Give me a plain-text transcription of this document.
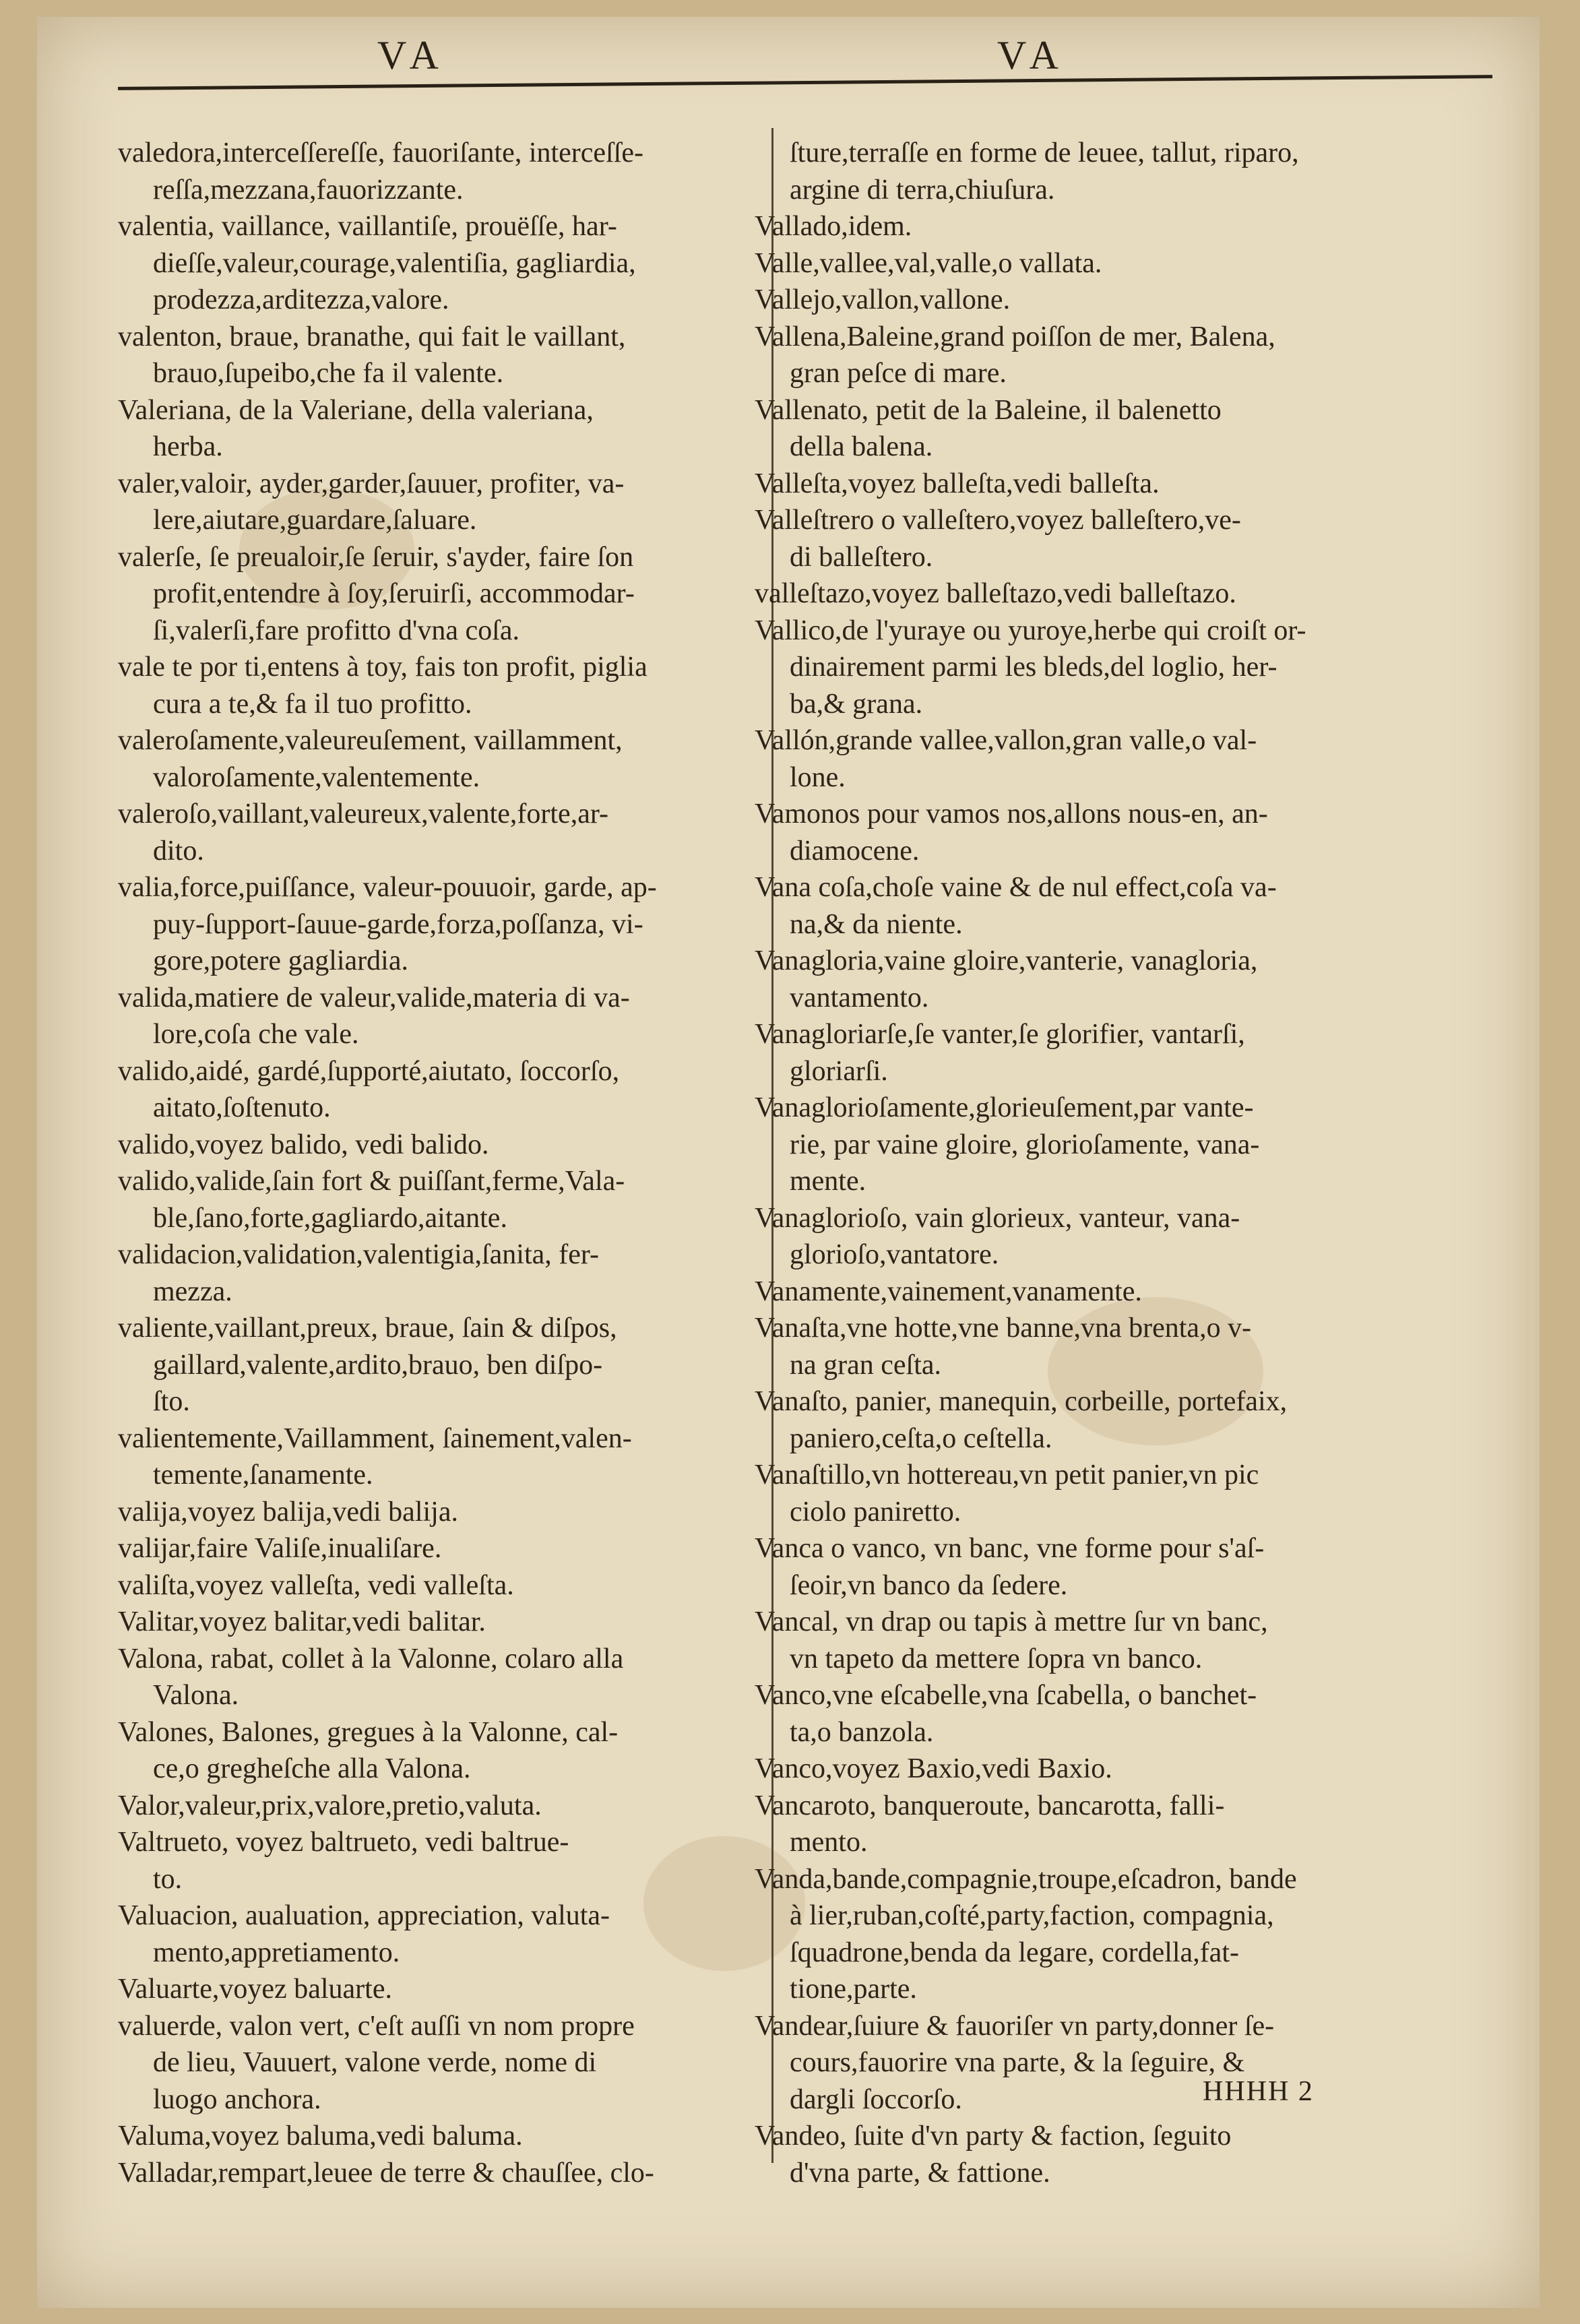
VA	VA
valedora,interceſſereſſe, fauoriſante, interceſſe-
reſſa,mezzana,fauorizzante.
valentia, vaillance, vaillantiſe, prouëſſe, har-
dieſſe,valeur,courage,valentiſia, gagliardia,
prodezza,arditezza,valore.
valenton, braue, branathe, qui fait le vaillant,
brauo,ſupeibo,che fa il valente.
Valeriana, de la Valeriane, della valeriana,
herba.
valer,valoir, ayder,garder,ſauuer, profiter, va-
lere,aiutare,guardare,ſaluare.
valerſe, ſe preualoir,ſe ſeruir, s'ayder, faire ſon
profit,entendre à ſoy,ſeruirſi, accommodar-
ſi,valerſi,fare profitto d'vna coſa.
vale te por ti,entens à toy, fais ton profit, piglia
cura a te,& fa il tuo profitto.
valeroſamente,valeureuſement, vaillamment,
valoroſamente,valentemente.
valeroſo,vaillant,valeureux,valente,forte,ar-
dito.
valia,force,puiſſance, valeur-pouuoir, garde, ap-
puy-ſupport-ſauue-garde,forza,poſſanza, vi-
gore,potere gagliardia.
valida,matiere de valeur,valide,materia di va-
lore,coſa che vale.
valido,aidé, gardé,ſupporté,aiutato, ſoccorſo,
aitato,ſoſtenuto.
valido,voyez balido, vedi balido.
valido,valide,ſain fort & puiſſant,ferme,Vala-
ble,ſano,forte,gagliardo,aitante.
validacion,validation,valentigia,ſanita, fer-
mezza.
valiente,vaillant,preux, braue, ſain & diſpos,
gaillard,valente,ardito,brauo, ben diſpo-
ſto.
valientemente,Vaillamment, ſainement,valen-
temente,ſanamente.
valija,voyez balija,vedi balija.
valijar,faire Valiſe,inualiſare.
valiſta,voyez valleſta, vedi valleſta.
Valitar,voyez balitar,vedi balitar.
Valona, rabat, collet à la Valonne, colaro alla
Valona.
Valones, Balones, gregues à la Valonne, cal-
ce,o gregheſche alla Valona.
Valor,valeur,prix,valore,pretio,valuta.
Valtrueto, voyez baltrueto, vedi baltrue-
to.
Valuacion, aualuation, appreciation, valuta-
mento,appretiamento.
Valuarte,voyez baluarte.
valuerde, valon vert, c'eſt auſſi vn nom propre
de lieu, Vauuert, valone verde, nome di
luogo anchora.
Valuma,voyez baluma,vedi baluma.
Valladar,rempart,leuee de terre & chauſſee, clo-
ſture,terraſſe en forme de leuee, tallut, riparo,
argine di terra,chiuſura.
Vallado,idem.
Valle,vallee,val,valle,o vallata.
Vallejo,vallon,vallone.
Vallena,Baleine,grand poiſſon de mer, Balena,
gran peſce di mare.
Vallenato, petit de la Baleine, il balenetto
della balena.
Valleſta,voyez balleſta,vedi balleſta.
Valleſtrero o valleſtero,voyez balleſtero,ve-
di balleſtero.
valleſtazo,voyez balleſtazo,vedi balleſtazo.
Vallico,de l'yuraye ou yuroye,herbe qui croiſt or-
dinairement parmi les bleds,del loglio, her-
ba,& grana.
Vallón,grande vallee,vallon,gran valle,o val-
lone.
Vamonos pour vamos nos,allons nous-en, an-
diamocene.
Vana coſa,choſe vaine & de nul effect,coſa va-
na,& da niente.
Vanagloria,vaine gloire,vanterie, vanagloria,
vantamento.
Vanagloriarſe,ſe vanter,ſe glorifier, vantarſi,
gloriarſi.
Vanaglorioſamente,glorieuſement,par vante-
rie, par vaine gloire, glorioſamente, vana-
mente.
Vanaglorioſo, vain glorieux, vanteur, vana-
glorioſo,vantatore.
Vanamente,vainement,vanamente.
Vanaſta,vne hotte,vne banne,vna brenta,o v-
na gran ceſta.
Vanaſto, panier, manequin, corbeille, portefaix,
paniero,ceſta,o ceſtella.
Vanaſtillo,vn hottereau,vn petit panier,vn pic
ciolo paniretto.
Vanca o vanco, vn banc, vne forme pour s'aſ-
ſeoir,vn banco da ſedere.
Vancal, vn drap ou tapis à mettre ſur vn banc,
vn tapeto da mettere ſopra vn banco.
Vanco,vne eſcabelle,vna ſcabella, o banchet-
ta,o banzola.
Vanco,voyez Baxio,vedi Baxio.
Vancaroto, banqueroute, bancarotta, falli-
mento.
Vanda,bande,compagnie,troupe,eſcadron, bande
à lier,ruban,coſté,party,faction, compagnia,
ſquadrone,benda da legare, cordella,fat-
tione,parte.
Vandear,ſuiure & fauoriſer vn party,donner ſe-
cours,fauorire vna parte, & la ſeguire, &
dargli ſoccorſo.
Vandeo, ſuite d'vn party & faction, ſeguito
d'vna parte, & fattione.
HHHH 2
